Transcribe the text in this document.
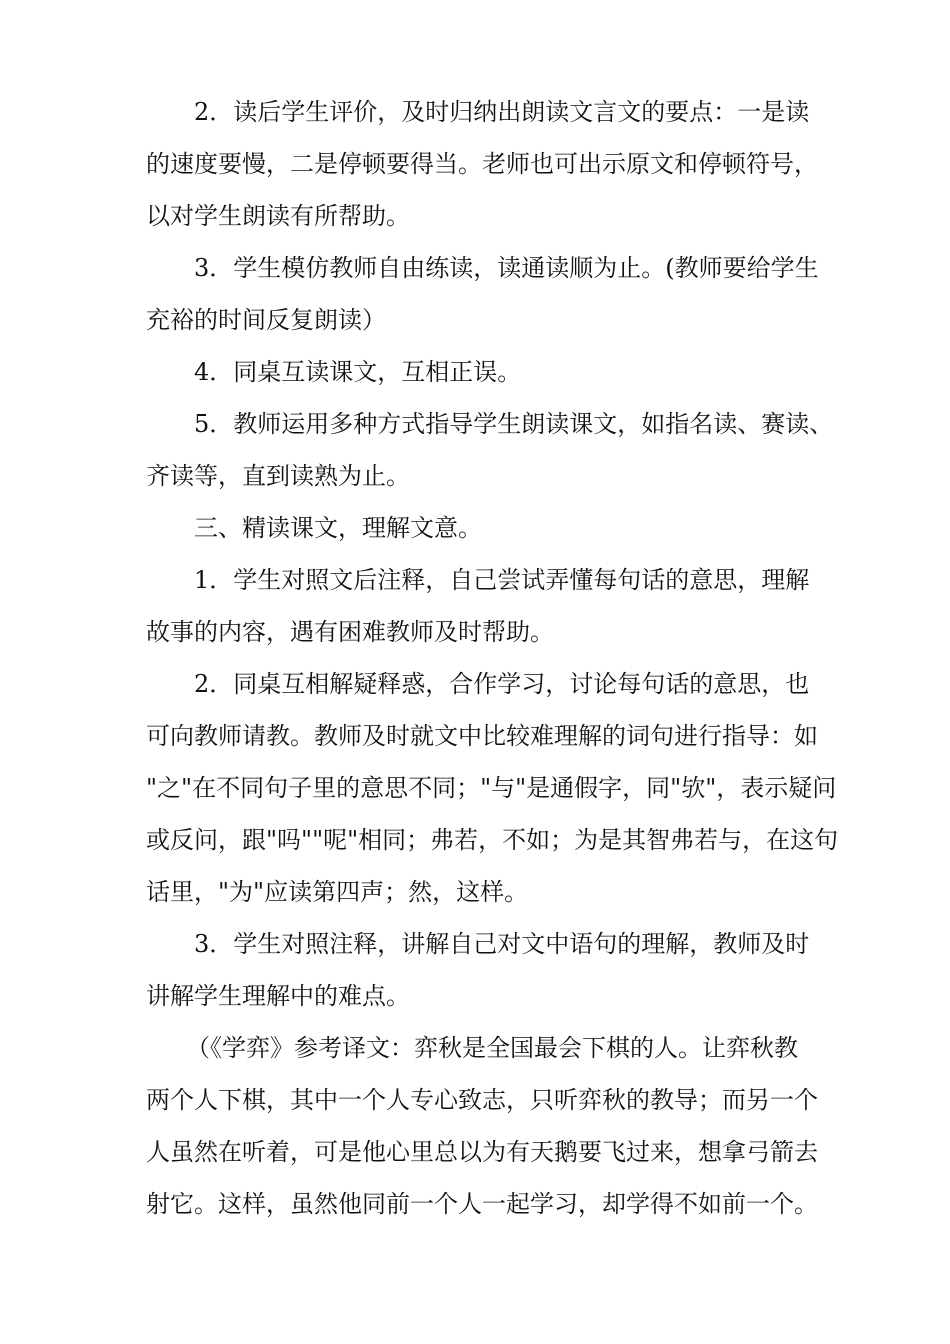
2．读后学生评价，及时归纳出朗读文言文的要点：一是读
的速度要慢，二是停顿要得当。老师也可出示原文和停顿符号，
以对学生朗读有所帮助。
3．学生模仿教师自由练读，读通读顺为止。(教师要给学生
充裕的时间反复朗读）
4．同桌互读课文，互相正误。
5．教师运用多种方式指导学生朗读课文，如指名读、赛读、
齐读等，直到读熟为止。
三、精读课文，理解文意。
1．学生对照文后注释，自己尝试弄懂每句话的意思，理解
故事的内容，遇有困难教师及时帮助。
2．同桌互相解疑释惑，合作学习，讨论每句话的意思，也
可向教师请教。教师及时就文中比较难理解的词句进行指导：如
"之"在不同句子里的意思不同；"与"是通假字，同"欤"，表示疑问
或反问，跟"吗""呢"相同；弗若，不如；为是其智弗若与，在这句
话里，"为"应读第四声；然，这样。
3．学生对照注释，讲解自己对文中语句的理解，教师及时
讲解学生理解中的难点。
（《学弈》参考译文：弈秋是全国最会下棋的人。让弈秋教
两个人下棋，其中一个人专心致志，只听弈秋的教导；而另一个
人虽然在听着，可是他心里总以为有天鹅要飞过来，想拿弓箭去
射它。这样，虽然他同前一个人一起学习，却学得不如前一个。
